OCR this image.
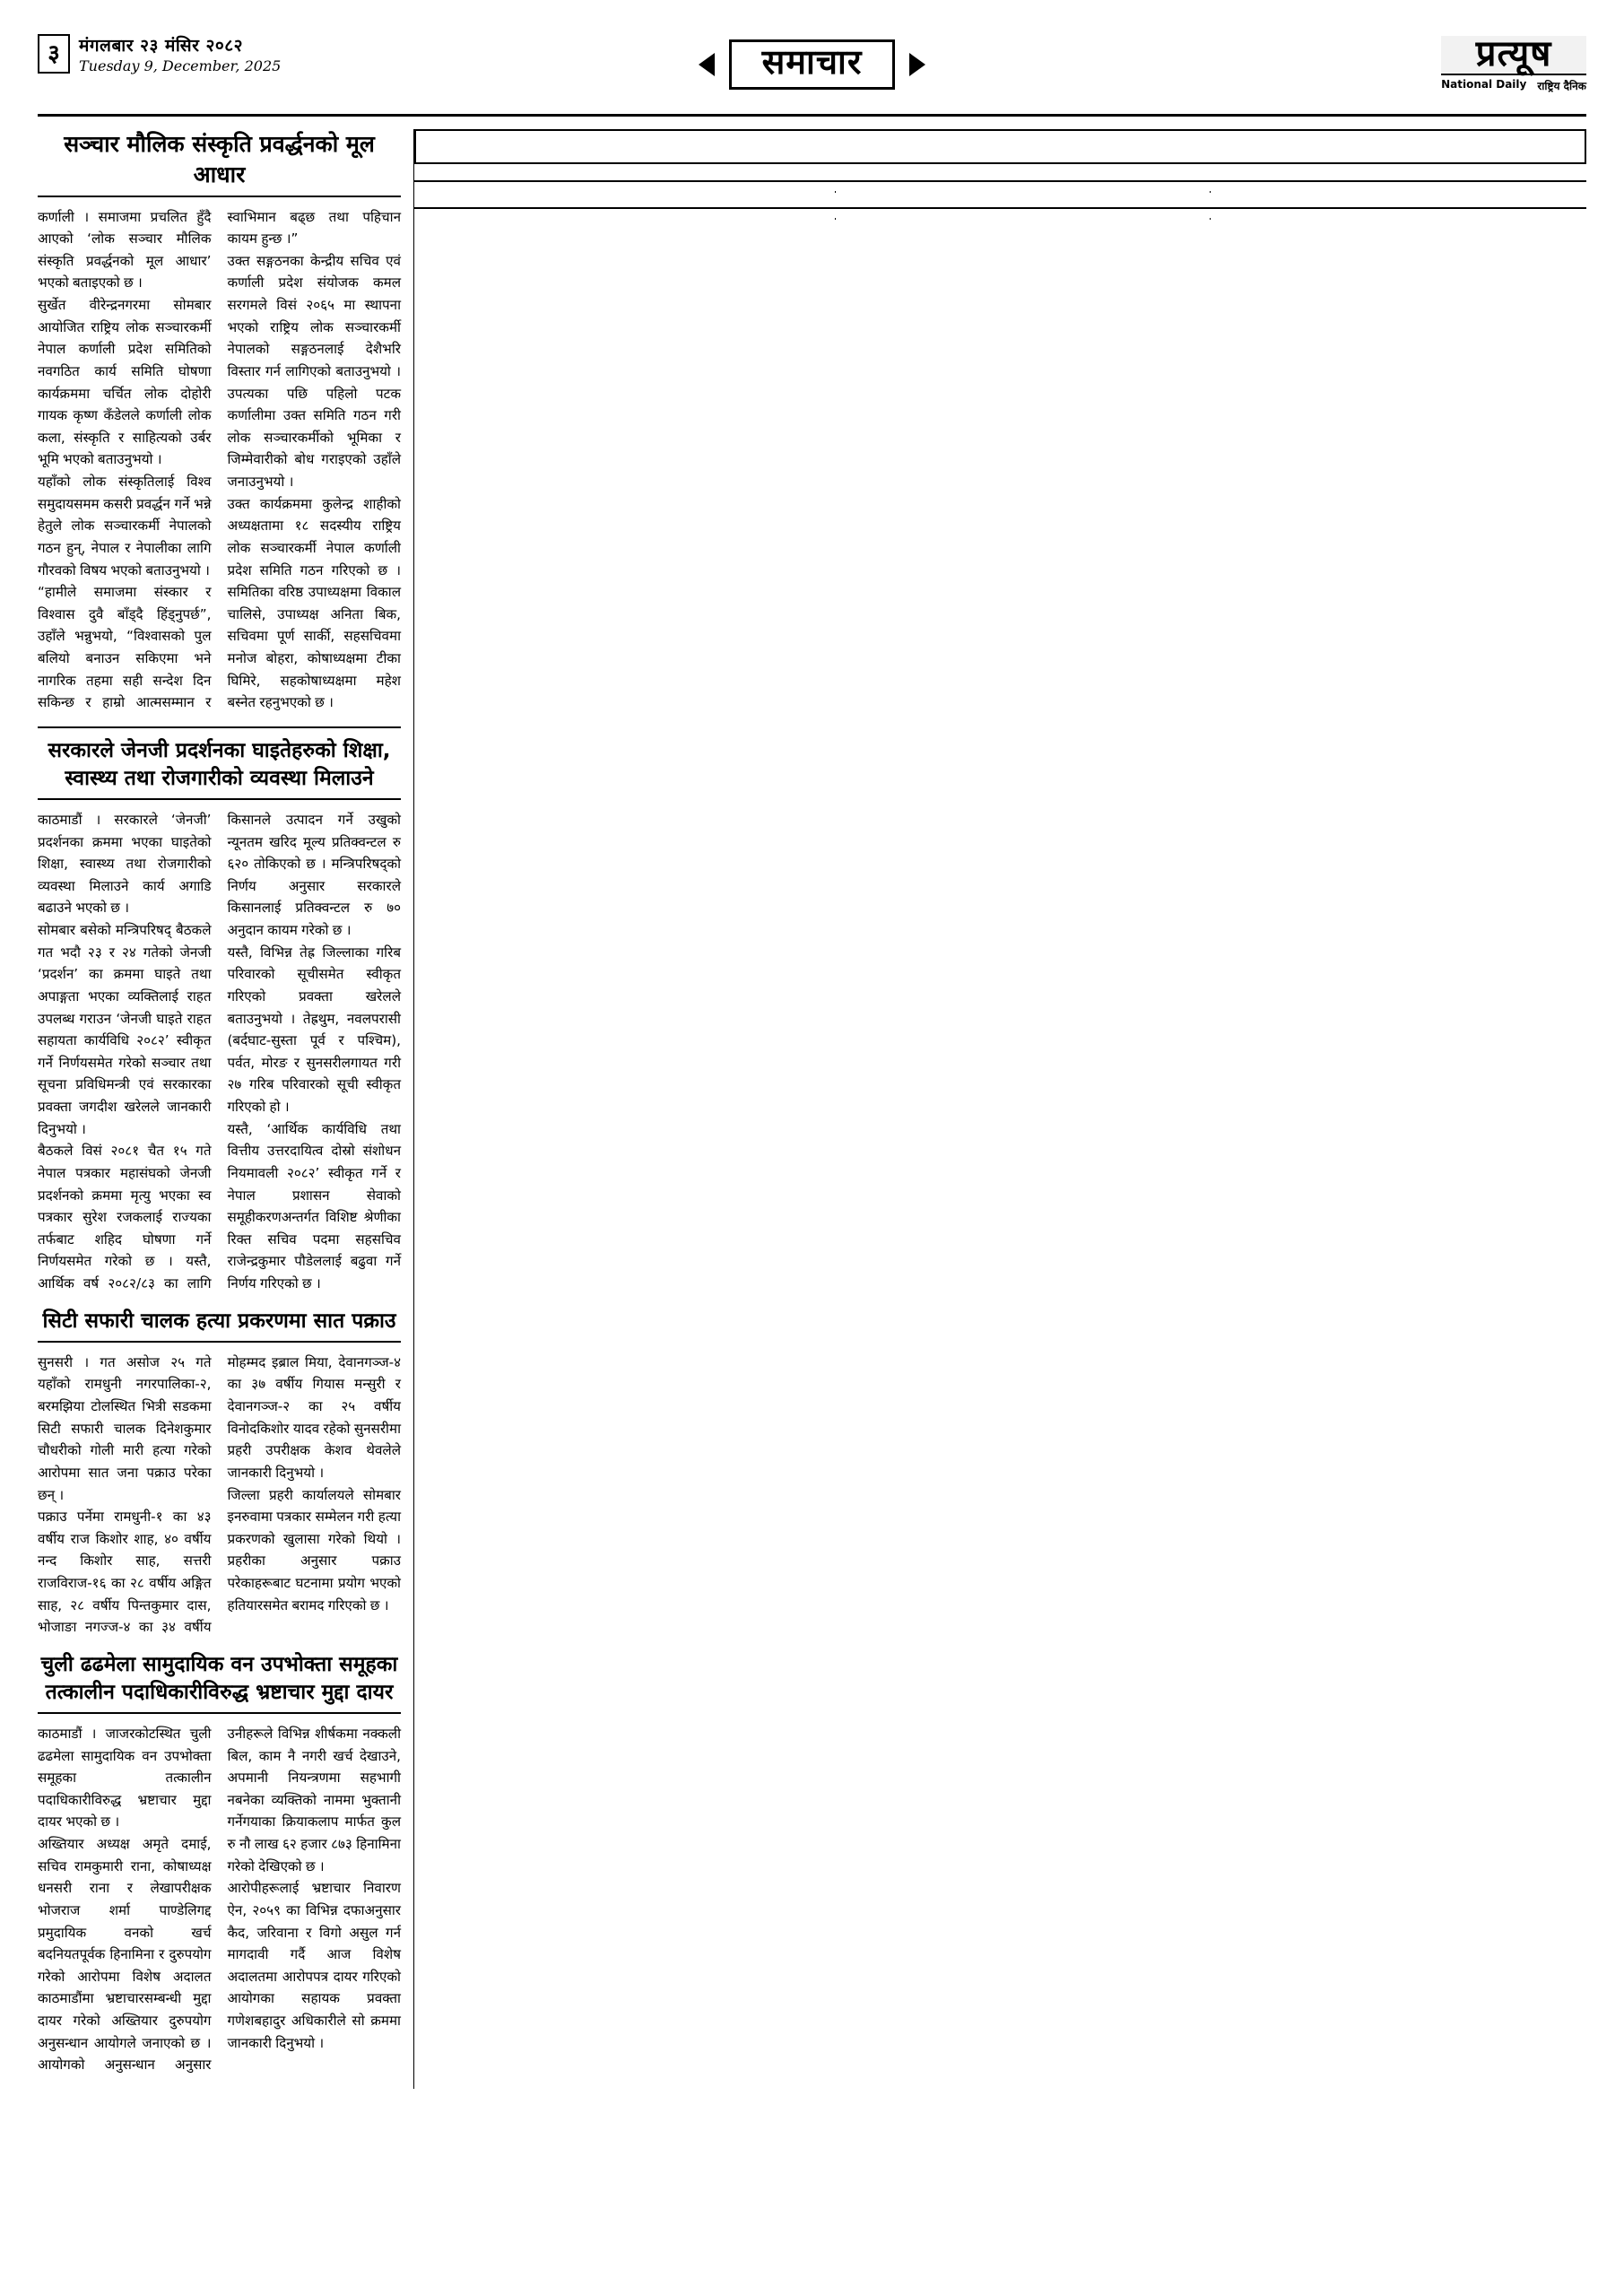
३	मंगलबार २३ मंसिर २०८२
Tuesday 9, December, 2025	समाचार	प्रत्यूष
National Daily राष्ट्रिय दैनिक
सञ्चार मौलिक संस्कृति प्रवर्द्धनको मूल आधार

कर्णाली । समाजमा प्रचलित हुँदै आएको ‘लोक सञ्चार मौलिक संस्कृति प्रवर्द्धनको मूल आधार’ भएको बताइएको छ ।

सुर्खेत वीरेन्द्रनगरमा सोमबार आयोजित राष्ट्रिय लोक सञ्चारकर्मी नेपाल कर्णाली प्रदेश समितिको नवगठित कार्य समिति घोषणा कार्यक्रममा चर्चित लोक दोहोरी गायक कृष्ण कँडेलले कर्णाली लोक कला, संस्कृति र साहित्यको उर्बर भूमि भएको बताउनुभयो ।

यहाँको लोक संस्कृतिलाई विश्व समुदायसमम कसरी प्रवर्द्धन गर्ने भन्ने हेतुले लोक सञ्चारकर्मी नेपालको गठन हुन्, नेपाल र नेपालीका लागि गौरवको विषय भएको बताउनुभयो ।

“हामीले समाजमा संस्कार र विश्वास दुवै बाँड्दै हिंड्नुपर्छ”, उहाँले भन्नुभयो, “विश्वासको पुल बलियो बनाउन सकिएमा भने नागरिक तहमा सही सन्देश दिन सकिन्छ र हाम्रो आत्मसम्मान र स्वाभिमान बढ्छ तथा पहिचान कायम हुन्छ ।”

उक्त सङ्गठनका केन्द्रीय सचिव एवं कर्णाली प्रदेश संयोजक कमल सरगमले विसं २०६५ मा स्थापना भएको राष्ट्रिय लोक सञ्चारकर्मी नेपालको सङ्गठनलाई देशैभरि विस्तार गर्न लागिएको बताउनुभयो । उपत्यका पछि पहिलो पटक कर्णालीमा उक्त समिति गठन गरी लोक सञ्चारकर्मीको भूमिका र जिम्मेवारीको बोध गराइएको उहाँले जनाउनुभयो ।

उक्त कार्यक्रममा कुलेन्द्र शाहीको अध्यक्षतामा १८ सदस्यीय राष्ट्रिय लोक सञ्चारकर्मी नेपाल कर्णाली प्रदेश समिति गठन गरिएको छ । समितिका वरिष्ठ उपाध्यक्षमा विकाल चालिसे, उपाध्यक्ष अनिता बिक, सचिवमा पूर्ण सार्की, सहसचिवमा मनोज बोहरा, कोषाध्यक्षमा टीका घिमिरे, सहकोषाध्यक्षमा महेश बस्नेत रहनुभएको छ ।

सरकारले जेनजी प्रदर्शनका घाइतेहरुको शिक्षा,
स्वास्थ्य तथा रोजगारीको व्यवस्था मिलाउने

काठमाडौं । सरकारले ‘जेनजी’ प्रदर्शनका क्रममा भएका घाइतेको शिक्षा, स्वास्थ्य तथा रोजगारीको व्यवस्था मिलाउने कार्य अगाडि बढाउने भएको छ ।

सोमबार बसेको मन्त्रिपरिषद् बैठकले गत भदौ २३ र २४ गतेको जेनजी ‘प्रदर्शन’ का क्रममा घाइते तथा अपाङ्गता भएका व्यक्तिलाई राहत उपलब्ध गराउन ‘जेनजी घाइते राहत सहायता कार्यविधि २०८२’ स्वीकृत गर्ने निर्णयसमेत गरेको सञ्चार तथा सूचना प्रविधिमन्त्री एवं सरकारका प्रवक्ता जगदीश खरेलले जानकारी दिनुभयो ।

बैठकले विसं २०८१ चैत १५ गते नेपाल पत्रकार महासंघको जेनजी प्रदर्शनको क्रममा मृत्यु भएका स्व पत्रकार सुरेश रजकलाई राज्यका तर्फबाट शहिद घोषणा गर्ने निर्णयसमेत गरेको छ । यस्तै, आर्थिक वर्ष २०८२/८३ का लागि किसानले उत्पादन गर्ने उखुको न्यूनतम खरिद मूल्य प्रतिक्वन्टल रु ६२० तोकिएको छ । मन्त्रिपरिषद्को निर्णय अनुसार सरकारले किसानलाई प्रतिक्वन्टल रु ७० अनुदान कायम गरेको छ ।

यस्तै, विभिन्न तेह्र जिल्लाका गरिब परिवारको सूचीसमेत स्वीकृत गरिएको प्रवक्ता खरेलले बताउनुभयो । तेह्रथुम, नवलपरासी (बर्दघाट-सुस्ता पूर्व र पश्चिम), पर्वत, मोरङ र सुनसरीलगायत गरी २७ गरिब परिवारको सूची स्वीकृत गरिएको हो ।

यस्तै, ‘आर्थिक कार्यविधि तथा वित्तीय उत्तरदायित्व दोस्रो संशोधन नियमावली २०८२’ स्वीकृत गर्ने र नेपाल प्रशासन सेवाको समूहीकरणअन्तर्गत विशिष्ट श्रेणीका रिक्त सचिव पदमा सहसचिव राजेन्द्रकुमार पौडेललाई बढुवा गर्ने निर्णय गरिएको छ ।

सिटी सफारी चालक हत्या प्रकरणमा सात पक्राउ

सुनसरी । गत असोज २५ गते यहाँको रामधुनी नगरपालिका-२, बरमझिया टोलस्थित भित्री सडकमा सिटी सफारी चालक दिनेशकुमार चौधरीको गोली मारी हत्या गरेको आरोपमा सात जना पक्राउ परेका छन् ।

पक्राउ पर्नेमा रामधुनी-१ का ४३ वर्षीय राज किशोर शाह, ४० वर्षीय नन्द किशोर साह, सत्तरी राजविराज-१६ का २८ वर्षीय अङ्गित साह, २८ वर्षीय पिन्तकुमार दास, भोजाङा नगज्ज-४ का ३४ वर्षीय मोहम्मद इब्राल मिया, देवानगञ्ज-४ का ३७ वर्षीय गियास मन्सुरी र देवानगञ्ज-२ का २५ वर्षीय विनोदकिशोर यादव रहेको सुनसरीमा प्रहरी उपरीक्षक केशव थेवलेले जानकारी दिनुभयो ।

जिल्ला प्रहरी कार्यालयले सोमबार इनरुवामा पत्रकार सम्मेलन गरी हत्या प्रकरणको खुलासा गरेको थियो । प्रहरीका अनुसार पक्राउ परेकाहरूबाट घटनामा प्रयोग भएको हतियारसमेत बरामद गरिएको छ ।

चुली ढढमेला सामुदायिक वन उपभोक्ता समूहका
तत्कालीन पदाधिकारीविरुद्ध भ्रष्टाचार मुद्दा दायर

काठमाडौं । जाजरकोटस्थित चुली ढढमेला सामुदायिक वन उपभोक्ता समूहका तत्कालीन पदाधिकारीविरुद्ध भ्रष्टाचार मुद्दा दायर भएको छ ।

अख्तियार अध्यक्ष अमृते दमाई, सचिव रामकुमारी राना, कोषाध्यक्ष धनसरी राना र लेखापरीक्षक भोजराज शर्मा पाण्डेलिगद्द प्रमुदायिक वनको खर्च बदनियतपूर्वक हिनामिना र दुरुपयोग गरेको आरोपमा विशेष अदालत काठमाडौंमा भ्रष्टाचारसम्बन्धी मुद्दा दायर गरेको अख्तियार दुरुपयोग अनुसन्धान आयोगले जनाएको छ । आयोगको अनुसन्धान अनुसार उनीहरूले विभिन्न शीर्षकमा नक्कली बिल, काम नै नगरी खर्च देखाउने, अपमानी नियन्त्रणमा सहभागी नबनेका व्यक्तिको नाममा भुक्तानी गर्नेगयाका क्रियाकलाप मार्फत कुल रु नौ लाख ६२ हजार ८७३ हिनामिना गरेको देखिएको छ ।

आरोपीहरूलाई भ्रष्टाचार निवारण ऐन, २०५९ का विभिन्न दफाअनुसार कैद, जरिवाना र विगो असुल गर्न मागदावी गर्दै आज विशेष अदालतमा आरोपपत्र दायर गरिएको आयोगका सहायक प्रवक्ता गणेशबहादुर अधिकारीले सो क्रममा जानकारी दिनुभयो ।
